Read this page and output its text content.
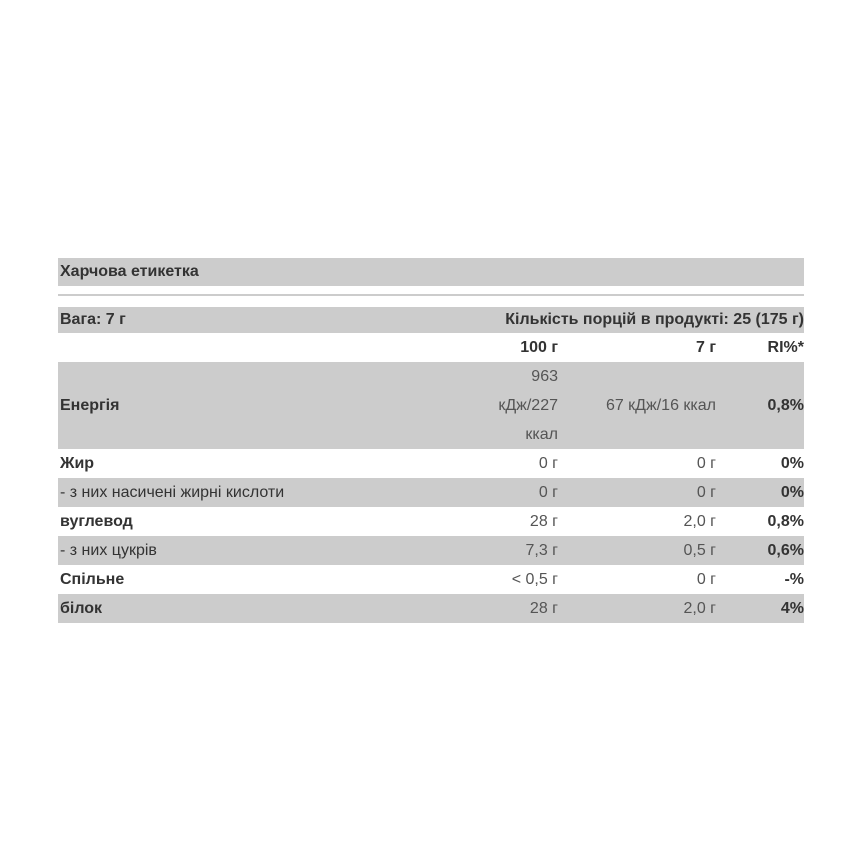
Харчова етикетка
Вага: 7 г	Кількість порцій в продукті: 25 (175 г)
	100 г	7 г	RI%*
Енергія	963 кДж/227 ккал	67 кДж/16 ккал	0,8%
Жир	0 г	0 г	0%
- з них насичені жирні кислоти	0 г	0 г	0%
вуглевод	28 г	2,0 г	0,8%
- з них цукрів	7,3 г	0,5 г	0,6%
Спільне	< 0,5 г	0 г	-%
білок	28 г	2,0 г	4%
